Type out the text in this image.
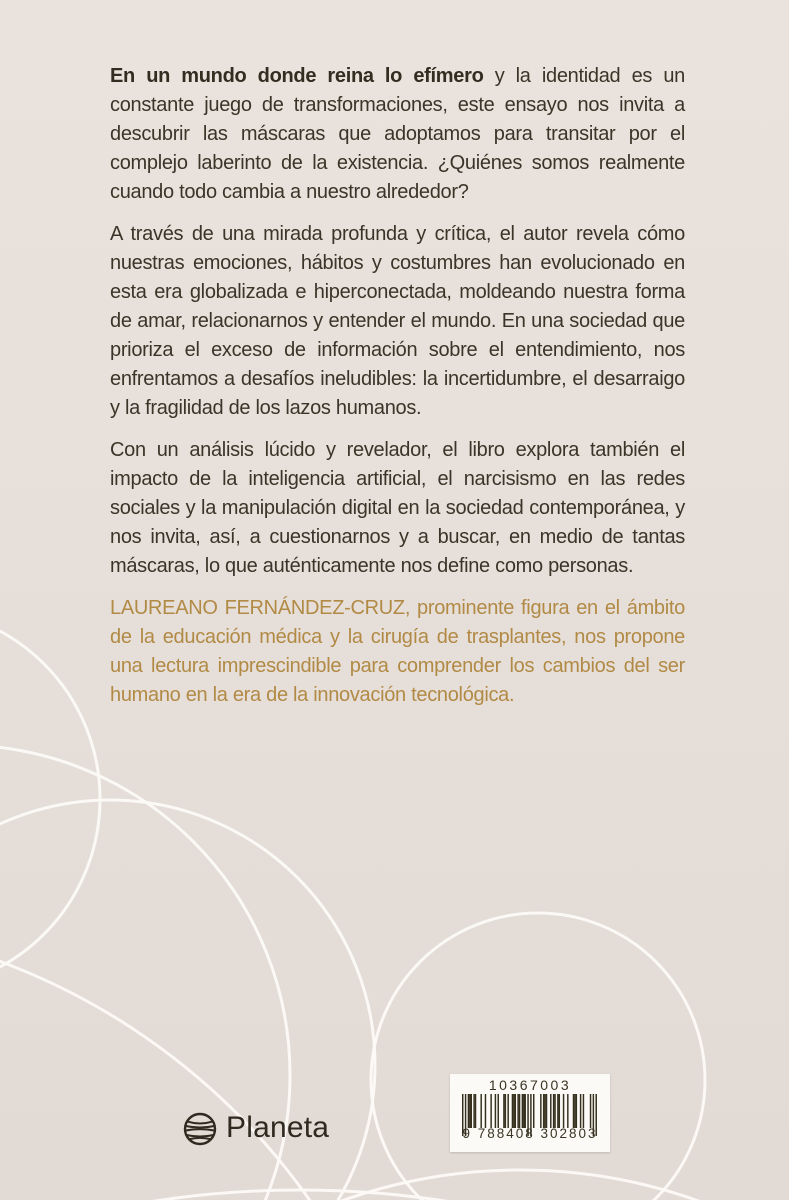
En un mundo donde reina lo efímero y la identidad es un constante juego de transformaciones, este ensayo nos invita a descubrir las máscaras que adoptamos para transitar por el complejo laberinto de la existencia. ¿Quiénes somos realmente cuando todo cambia a nuestro alrededor?

A través de una mirada profunda y crítica, el autor revela cómo nuestras emociones, hábitos y costumbres han evolucionado en esta era globalizada e hiperconectada, moldeando nuestra forma de amar, relacionarnos y entender el mundo. En una sociedad que prioriza el exceso de información sobre el entendimiento, nos enfrentamos a desafíos ineludibles: la incertidumbre, el desarraigo y la fragilidad de los lazos humanos.

Con un análisis lúcido y revelador, el libro explora también el impacto de la inteligencia artificial, el narcisismo en las redes sociales y la manipulación digital en la sociedad contemporánea, y nos invita, así, a cuestionarnos y a buscar, en medio de tantas máscaras, lo que auténticamente nos define como personas.

LAUREANO FERNÁNDEZ-CRUZ, prominente figura en el ámbito de la educación médica y la cirugía de trasplantes, nos propone una lectura imprescindible para comprender los cambios del ser humano en la era de la innovación tecnológica.

Planeta
10367003
9 788408 302803
